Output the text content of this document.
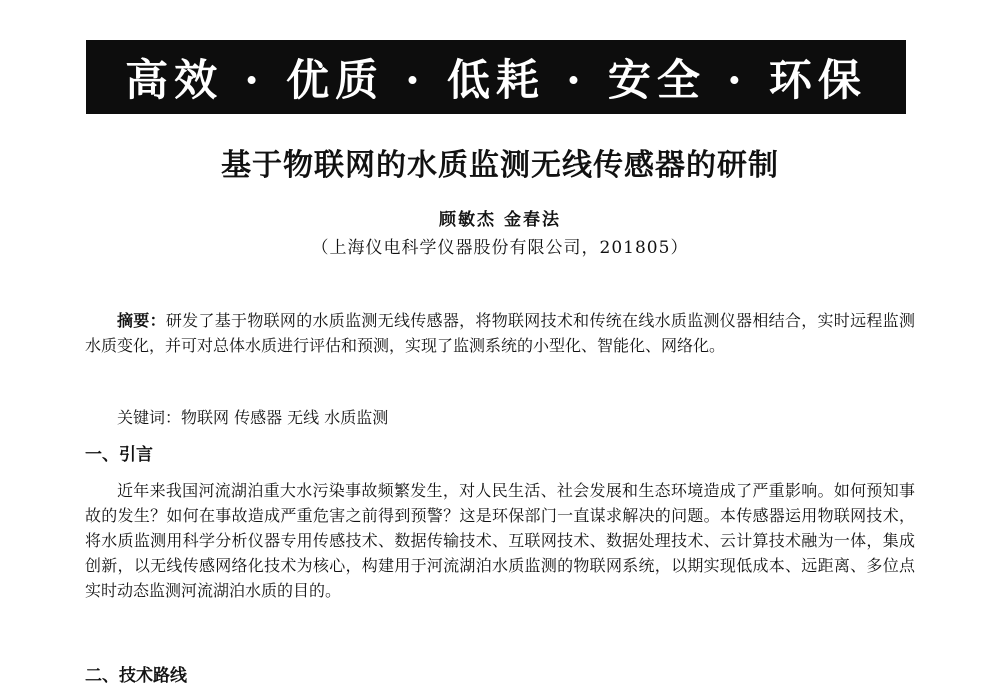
高效 · 优质 · 低耗 · 安全 · 环保
基于物联网的水质监测无线传感器的研制
顾敏杰 金春法
（上海仪电科学仪器股份有限公司，201805）
摘要：研发了基于物联网的水质监测无线传感器，将物联网技术和传统在线水质监测仪器相结合，实时远程监测水质变化，并可对总体水质进行评估和预测，实现了监测系统的小型化、智能化、网络化。
关键词：物联网 传感器 无线 水质监测
一、引言
近年来我国河流湖泊重大水污染事故频繁发生，对人民生活、社会发展和生态环境造成了严重影响。如何预知事故的发生？如何在事故造成严重危害之前得到预警？这是环保部门一直谋求解决的问题。本传感器运用物联网技术，将水质监测用科学分析仪器专用传感技术、数据传输技术、互联网技术、数据处理技术、云计算技术融为一体，集成创新，以无线传感网络化技术为核心，构建用于河流湖泊水质监测的物联网系统，以期实现低成本、远距离、多位点实时动态监测河流湖泊水质的目的。
二、技术路线
